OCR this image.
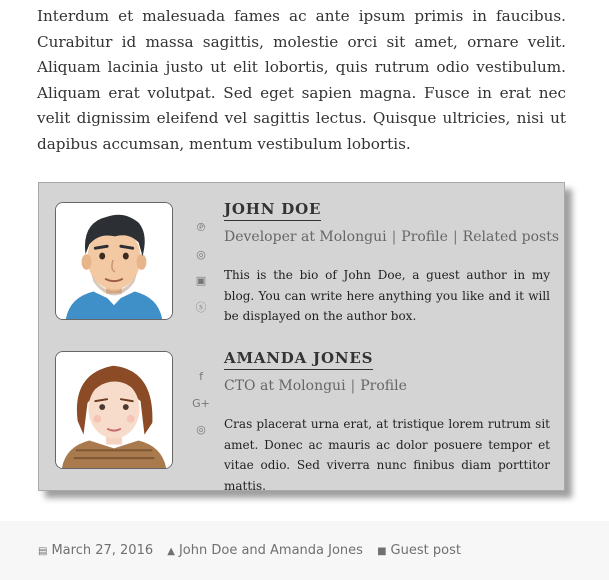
Interdum et malesuada fames ac ante ipsum primis in faucibus. Curabitur id massa sagittis, molestie orci sit amet, ornare velit. Aliquam lacinia justo ut elit lobortis, quis rutrum odio vestibulum. Aliquam erat volutpat. Sed eget sapien magna. Fusce in erat nec velit dignissim eleifend vel sagittis lectus. Quisque ultricies, nisi ut dapibus accumsan, mentum vestibulum lobortis.

℗
◎
▣
ⓢ
JOHN DOE
Developer at Molongui | Profile | Related posts

This is the bio of John Doe, a guest author in my blog. You can write here anything you like and it will be displayed on the author box.

f
G+
◎
AMANDA JONES
CTO at Molongui | Profile

Cras placerat urna erat, at tristique lorem rutrum sit amet. Donec ac mauris ac dolor posuere tempor et vitae odio. Sed viverra nunc finibus diam porttitor mattis.

▤ March 27, 2016 ▲ John Doe and Amanda Jones ■ Guest post
